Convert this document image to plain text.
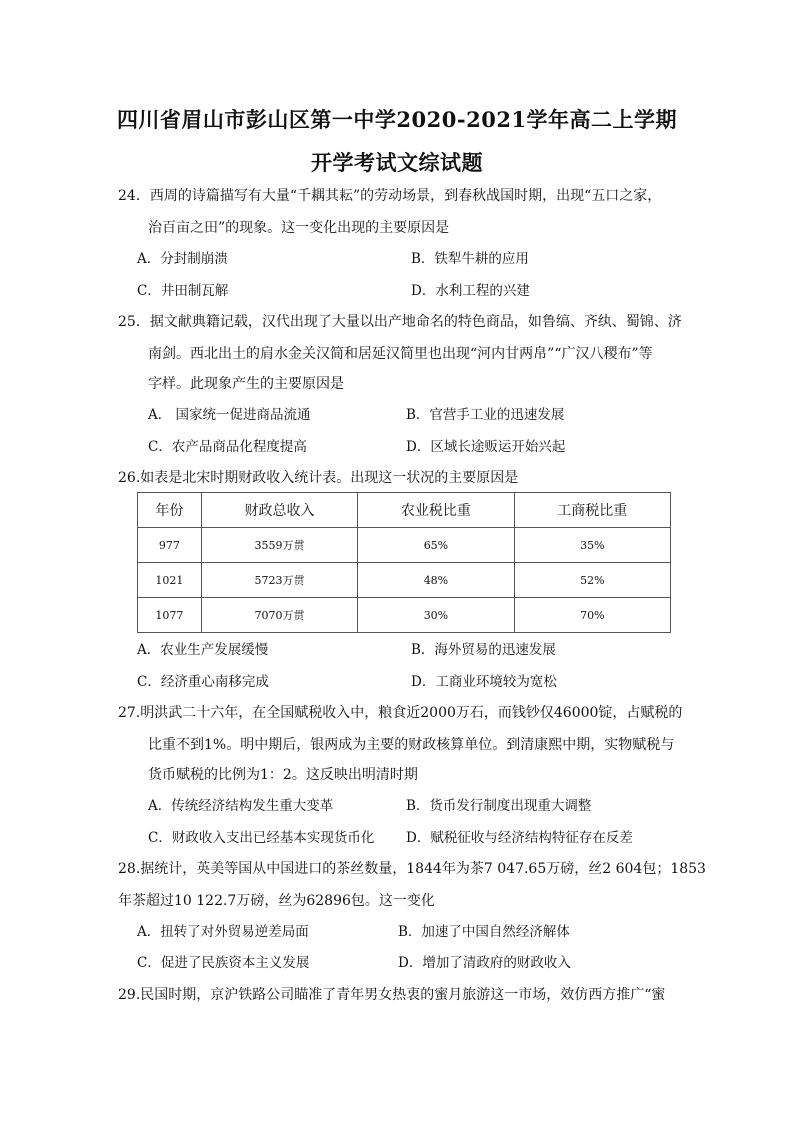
四川省眉山市彭山区第一中学2020-2021学年高二上学期
开学考试文综试题
24．西周的诗篇描写有大量“千耦其耘”的劳动场景，到春秋战国时期，出现“五口之家，
治百亩之田”的现象。这一变化出现的主要原因是
A．分封制崩溃	B．铁犁牛耕的应用
C．井田制瓦解	D．水利工程的兴建
25．据文献典籍记载，汉代出现了大量以出产地命名的特色商品，如鲁缟、齐纨、蜀锦、济
南剑。西北出土的肩水金关汉简和居延汉简里也出现“河内甘两帛”“广汉八稷布”等
字样。此现象产生的主要原因是
A． 国家统一促进商品流通	B．官营手工业的迅速发展
C．农产品商品化程度提高	D．区域长途贩运开始兴起
26.如表是北宋时期财政收入统计表。出现这一状况的主要原因是
年份	财政总收入	农业税比重	工商税比重
977	3559万贯	65%	35%
1021	5723万贯	48%	52%
1077	7070万贯	30%	70%
A．农业生产发展缓慢	B．海外贸易的迅速发展
C．经济重心南移完成	D．工商业环境较为宽松
27.明洪武二十六年，在全国赋税收入中，粮食近2000万石，而钱钞仅46000锭，占赋税的
比重不到1%。明中期后，银两成为主要的财政核算单位。到清康熙中期，实物赋税与
货币赋税的比例为1：2。这反映出明清时期
A．传统经济结构发生重大变革	B．货币发行制度出现重大调整
C．财政收入支出已经基本实现货币化 D．赋税征收与经济结构特征存在反差
28.据统计，英美等国从中国进口的茶丝数量，1844年为茶7 047.65万磅，丝2 604包；1853
年茶超过10 122.7万磅，丝为62896包。这一变化
A．扭转了对外贸易逆差局面	B．加速了中国自然经济解体
C．促进了民族资本主义发展	D．增加了清政府的财政收入
29.民国时期，京沪铁路公司瞄准了青年男女热衷的蜜月旅游这一市场，效仿西方推广“蜜
